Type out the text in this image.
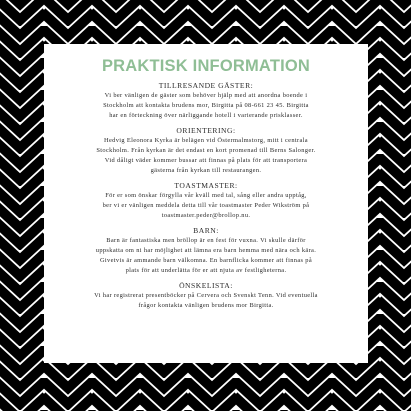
PRAKTISK INFORMATION

TILLRESANDE GÄSTER:

Vi ber vänligen de gäster som behöver hjälp med att anordna boende i

Stockholm att kontakta brudens mor, Birgitta på 08-661 23 45. Birgitta

har en förteckning över närliggande hotell i varierande prisklasser.

ORIENTERING:

Hedvig Eleonora Kyrka är belägen vid Östermalmstorg, mitt i centrala

Stockholm. Från kyrkan är det endast en kort promenad till Berns Salonger.

Vid dåligt väder kommer bussar att finnas på plats för att transportera

gästerna från kyrkan till restaurangen.

TOASTMASTER:

För er som önskar förgylla vår kväll med tal, sång eller andra upptåg,

ber vi er vänligen meddela detta till vår toastmaster Peder Wikström på

toastmaster.peder@brollop.nu.

BARN:

Barn är fantastiska men bröllop är en fest för vuxna. Vi skulle därför

uppskatta om ni har möjlighet att lämna era barn hemma med nära och kära.

Givetvis är ammande barn välkomna. En barnflicka kommer att finnas på

plats för att underlätta för er att njuta av festligheterna.

ÖNSKELISTA:

Vi har registrerat presentböcker på Cervera och Svenskt Tenn. Vid eventuella

frågor kontakta vänligen brudens mor Birgitta.
